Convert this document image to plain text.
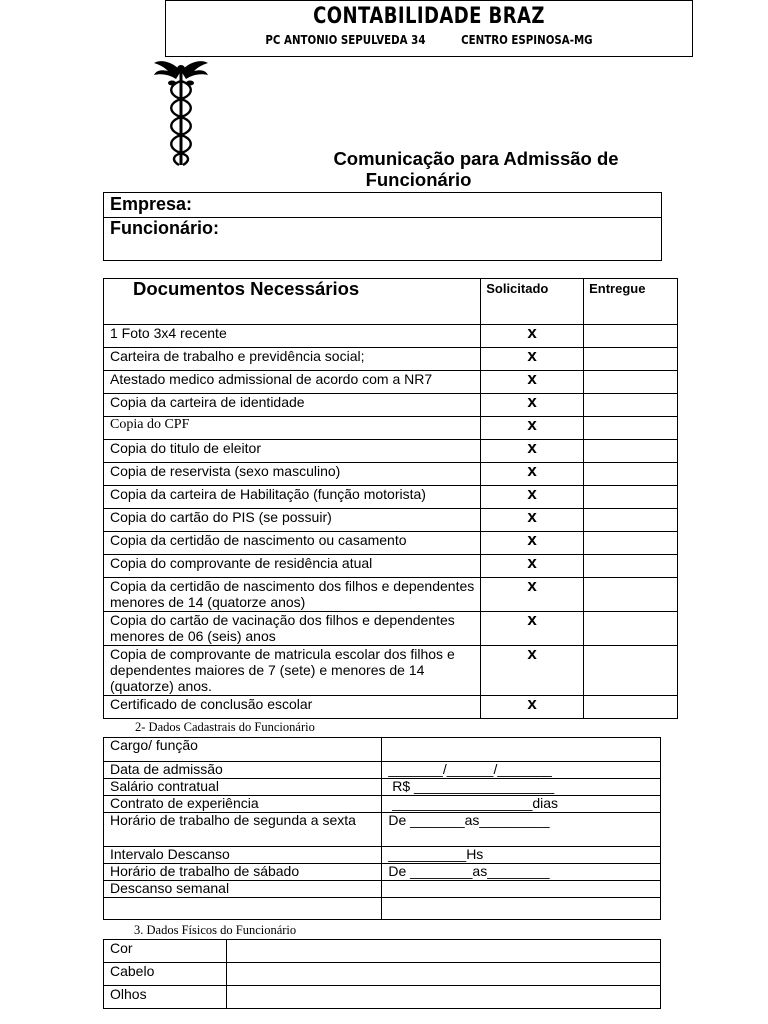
CONTABILIDADE BRAZ
PC ANTONIO SEPULVEDA 34          CENTRO ESPINOSA-MG
Comunicação para Admissão de
Funcionário
Empresa:
Funcionário:
Documentos Necessários	Solicitado	Entregue
1 Foto 3x4 recente	x	
Carteira de trabalho e previdência social;	x	
Atestado medico admissional de acordo com a NR7	x	
Copia da carteira de identidade	x	
Copia do CPF	x	
Copia do titulo de eleitor	x	
Copia de reservista (sexo masculino)	x	
Copia da carteira de Habilitação (função motorista)	x	
Copia do cartão do PIS (se possuir)	x	
Copia da certidão de nascimento ou casamento	x	
Copia do comprovante de residência atual	x	
Copia da certidão de nascimento dos filhos e dependentes menores de 14 (quatorze anos)	x	
Copia do cartão de vacinação dos filhos e dependentes menores de 06 (seis) anos	x	
Copia de comprovante de matricula escolar dos filhos e dependentes maiores de 7 (sete) e menores de 14 (quatorze) anos.	x	
Certificado de conclusão escolar	x	
2- Dados Cadastrais do Funcionário
Cargo/ função	
Data de admissão	_______/______/_______
Salário contratual	R$ __________________
Contrato de experiência	__________________dias
Horário de trabalho de segunda a sexta	De _______as_________
Intervalo Descanso	__________Hs
Horário de trabalho de sábado	De ________as________
Descanso semanal	

3. Dados Físicos do Funcionário
Cor	
Cabelo	
Olhos	
